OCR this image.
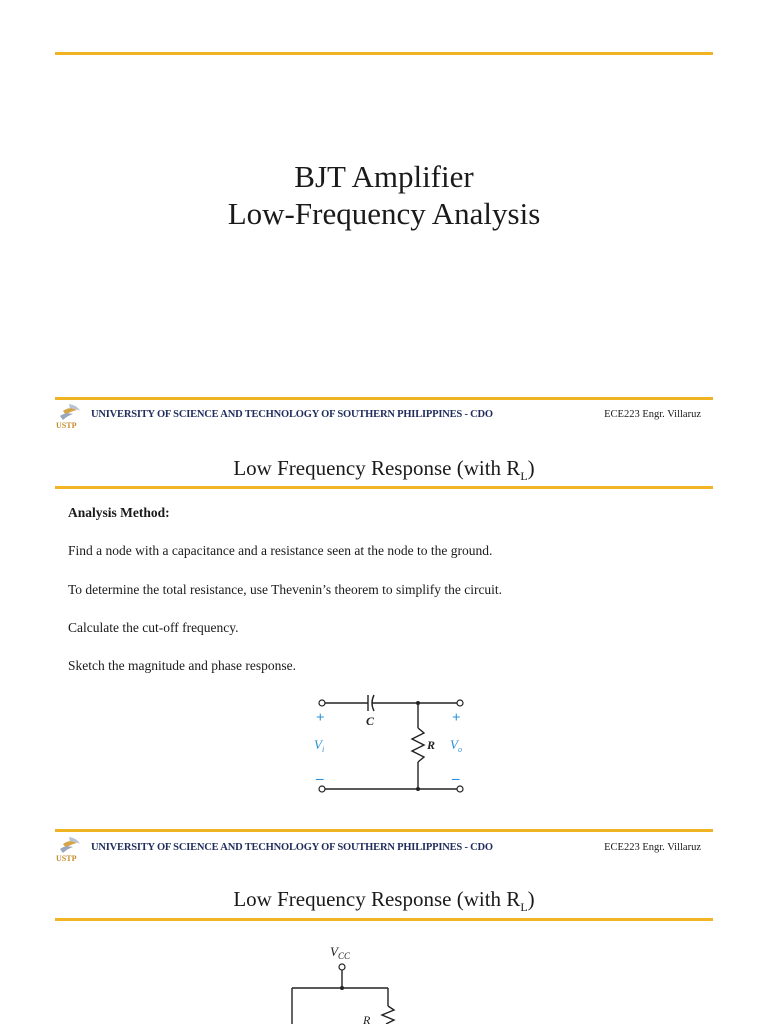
BJT Amplifier
Low-Frequency Analysis
USTP
UNIVERSITY OF SCIENCE AND TECHNOLOGY OF SOUTHERN PHILIPPINES - CDO	ECE223 Engr. Villaruz
Low Frequency Response (with $R_L$)
Analysis Method:
Find a node with a capacitance and a resistance seen at the node to the ground.
To determine the total resistance, use Thevenin’s theorem to simplify the circuit.
Calculate the cut-off frequency.
Sketch the magnitude and phase response.
C
R
+	+
$V_i$	$V_o$
–	–
USTP
UNIVERSITY OF SCIENCE AND TECHNOLOGY OF SOUTHERN PHILIPPINES - CDO	ECE223 Engr. Villaruz
Low Frequency Response (with $R_L$)
$V_{CC}$
R
